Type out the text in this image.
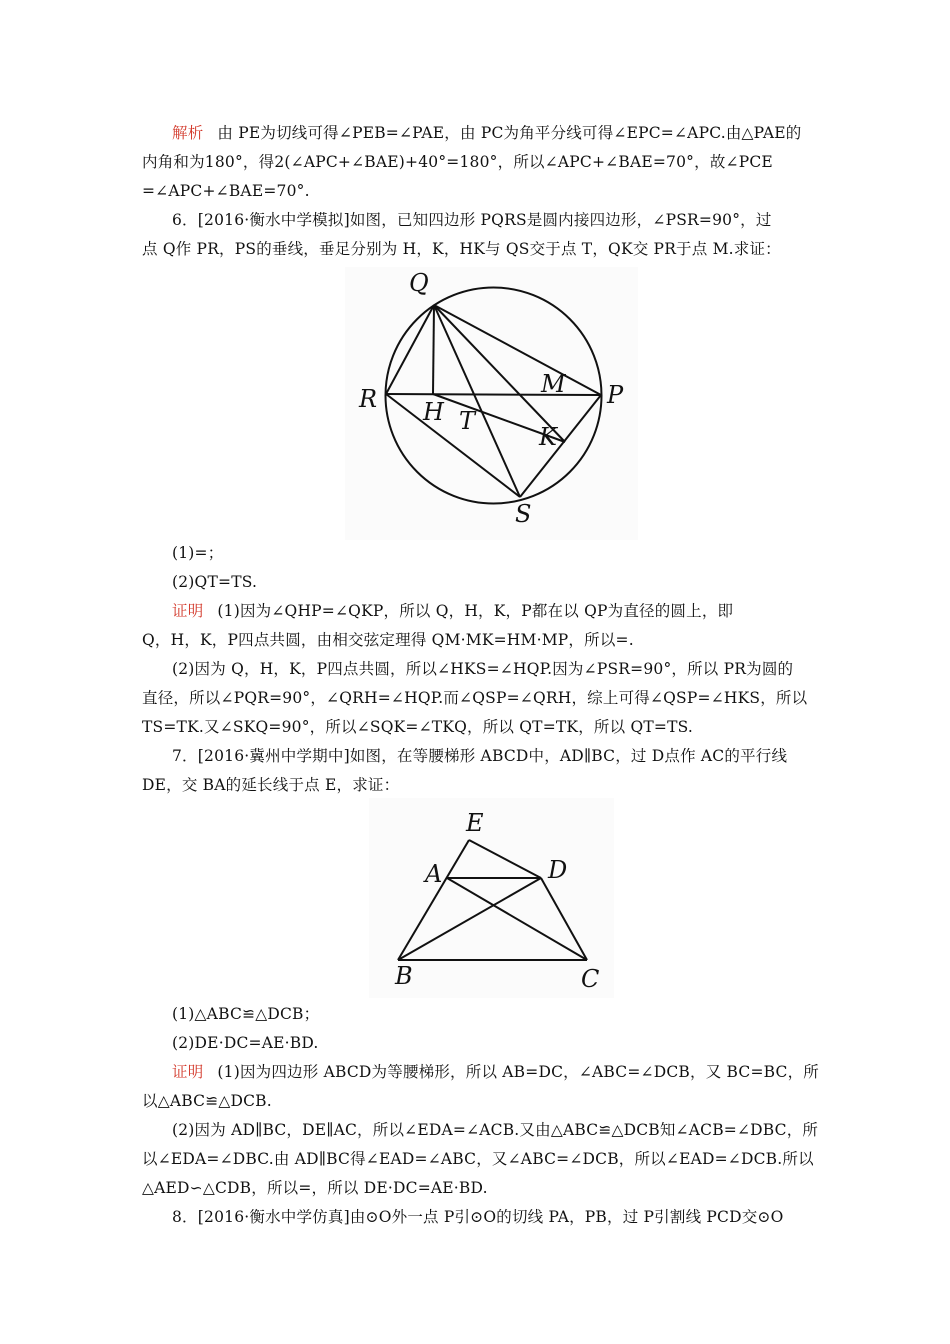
解析 由 PE为切线可得∠PEB=∠PAE，由 PC为角平分线可得∠EPC=∠APC.由△PAE的
内角和为180°，得2(∠APC+∠BAE)+40°=180°，所以∠APC+∠BAE=70°，故∠PCE
=∠APC+∠BAE=70°.
6．[2016·衡水中学模拟]如图，已知四边形 PQRS是圆内接四边形，∠PSR=90°，过
点 Q作 PR，PS的垂线，垂足分别为 H，K，HK与 QS交于点 T，QK交 PR于点 M.求证：
Q
R	P
M
H T
K
S
(1)=；
(2)QT=TS.
证明 (1)因为∠QHP=∠QKP，所以 Q，H，K，P都在以 QP为直径的圆上，即
Q，H，K，P四点共圆，由相交弦定理得 QM·MK=HM·MP，所以=.
(2)因为 Q，H，K，P四点共圆，所以∠HKS=∠HQP.因为∠PSR=90°，所以 PR为圆的
直径，所以∠PQR=90°，∠QRH=∠HQP.而∠QSP=∠QRH，综上可得∠QSP=∠HKS，所以
TS=TK.又∠SKQ=90°，所以∠SQK=∠TKQ，所以 QT=TK，所以 QT=TS.
7．[2016·冀州中学期中]如图，在等腰梯形 ABCD中，AD∥BC，过 D点作 AC的平行线
DE，交 BA的延长线于点 E，求证：
E
A	D
B	C
(1)△ABC≌△DCB；
(2)DE·DC=AE·BD.
证明 (1)因为四边形 ABCD为等腰梯形，所以 AB=DC，∠ABC=∠DCB，又 BC=BC，所
以△ABC≌△DCB.
(2)因为 AD∥BC，DE∥AC，所以∠EDA=∠ACB.又由△ABC≌△DCB知∠ACB=∠DBC，所
以∠EDA=∠DBC.由 AD∥BC得∠EAD=∠ABC，又∠ABC=∠DCB，所以∠EAD=∠DCB.所以
△AED∽△CDB，所以=，所以 DE·DC=AE·BD.
8．[2016·衡水中学仿真]由⊙O外一点 P引⊙O的切线 PA，PB，过 P引割线 PCD交⊙O
